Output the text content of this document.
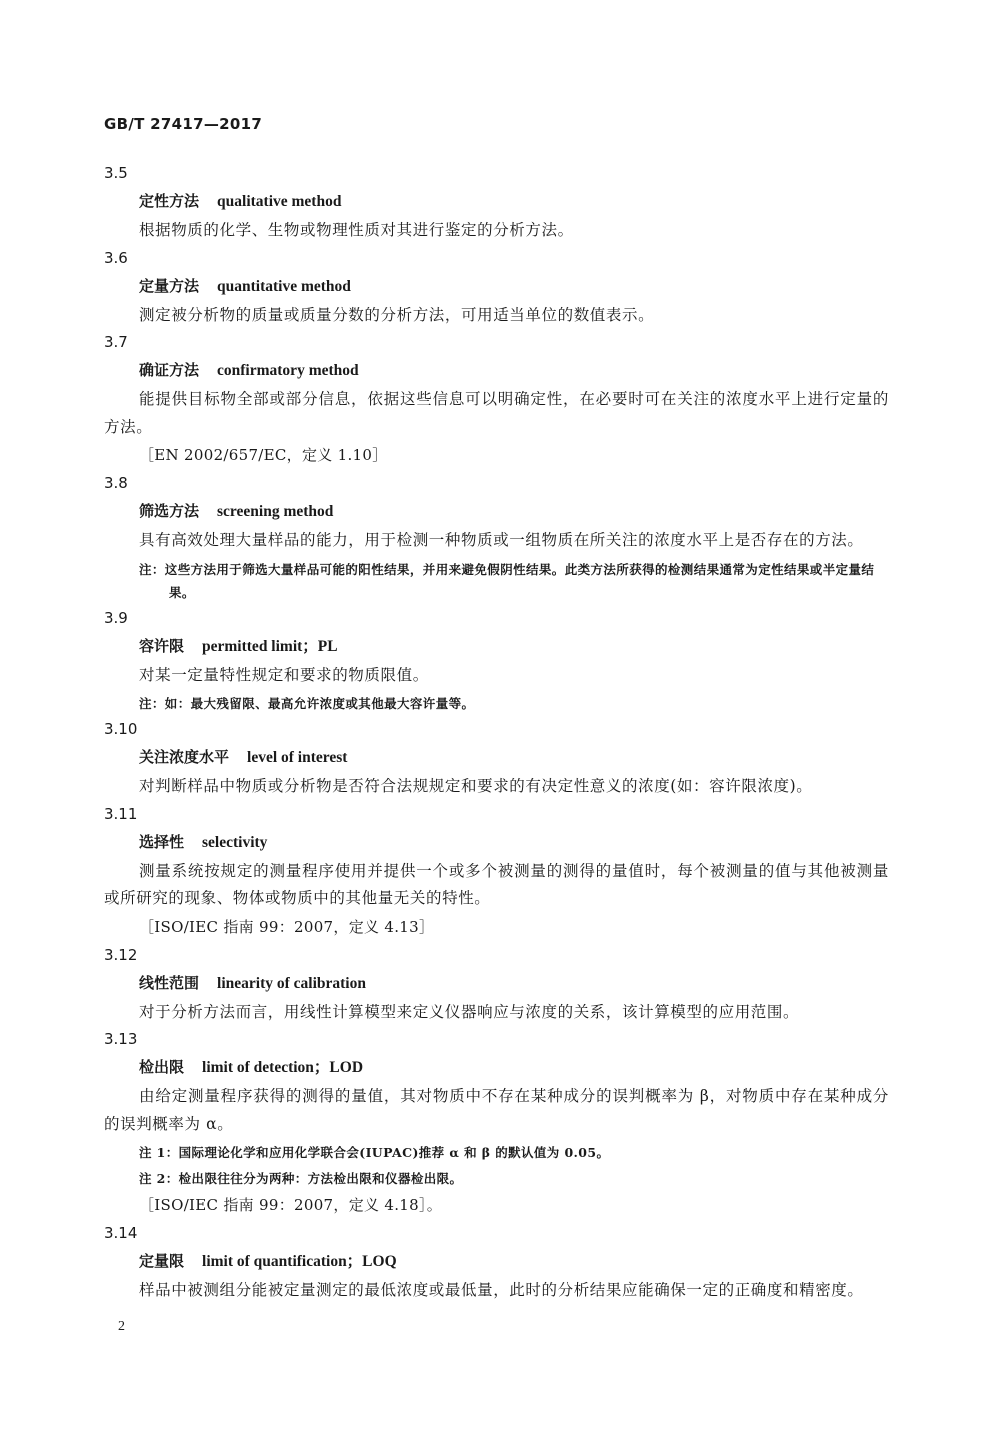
GB/T 27417—2017
3.5
定性方法 qualitative method

根据物质的化学、生物或物理性质对其进行鉴定的分析方法。

3.6
定量方法 quantitative method

测定被分析物的质量或质量分数的分析方法，可用适当单位的数值表示。

3.7
确证方法 confirmatory method

能提供目标物全部或部分信息，依据这些信息可以明确定性，在必要时可在关注的浓度水平上进行定量的方法。

［EN 2002/657/EC，定义 1.10］

3.8
筛选方法 screening method

具有高效处理大量样品的能力，用于检测一种物质或一组物质在所关注的浓度水平上是否存在的方法。

注：这些方法用于筛选大量样品可能的阳性结果，并用来避免假阴性结果。此类方法所获得的检测结果通常为定性结果或半定量结果。

3.9
容许限 permitted limit；PL

对某一定量特性规定和要求的物质限值。

注：如：最大残留限、最高允许浓度或其他最大容许量等。

3.10
关注浓度水平 level of interest

对判断样品中物质或分析物是否符合法规规定和要求的有决定性意义的浓度(如：容许限浓度)。

3.11
选择性 selectivity

测量系统按规定的测量程序使用并提供一个或多个被测量的测得的量值时，每个被测量的值与其他被测量或所研究的现象、物体或物质中的其他量无关的特性。

［ISO/IEC 指南 99：2007，定义 4.13］

3.12
线性范围 linearity of calibration

对于分析方法而言，用线性计算模型来定义仪器响应与浓度的关系，该计算模型的应用范围。

3.13
检出限 limit of detection；LOD

由给定测量程序获得的测得的量值，其对物质中不存在某种成分的误判概率为 β，对物质中存在某种成分的误判概率为 α。

注 1：国际理论化学和应用化学联合会(IUPAC)推荐 α 和 β 的默认值为 0.05。

注 2：检出限往往分为两种：方法检出限和仪器检出限。

［ISO/IEC 指南 99：2007，定义 4.18］。

3.14
定量限 limit of quantification；LOQ

样品中被测组分能被定量测定的最低浓度或最低量，此时的分析结果应能确保一定的正确度和精密度。

2
